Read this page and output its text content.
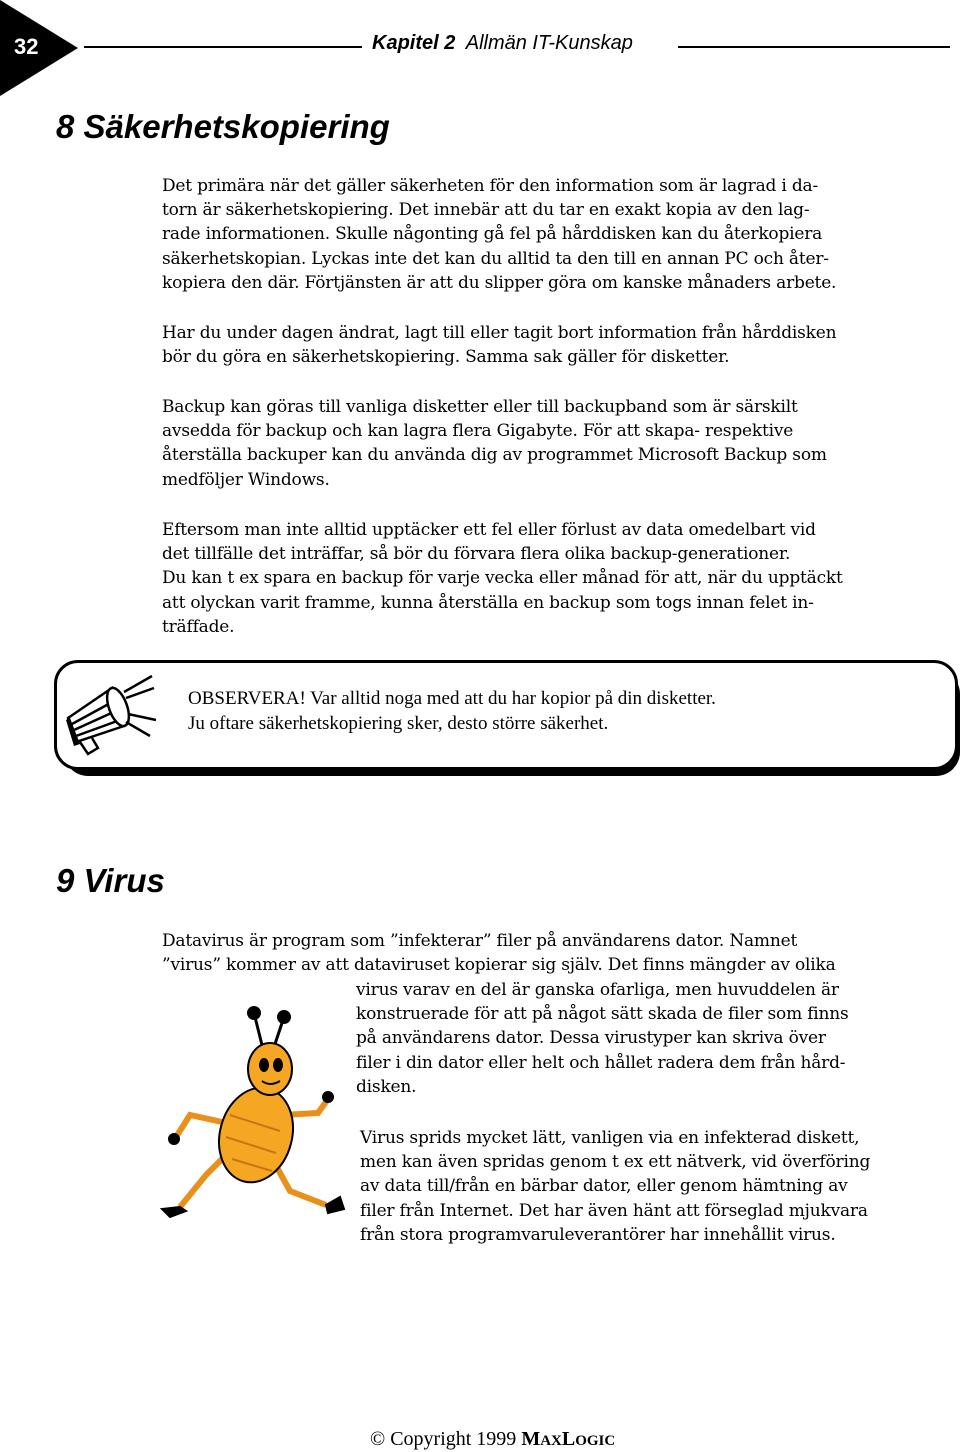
32	Kapitel 2 Allmän IT-Kunskap
8 Säkerhetskopiering
Det primära när det gäller säkerheten för den information som är lagrad i da-
torn är säkerhetskopiering. Det innebär att du tar en exakt kopia av den lag-
rade informationen. Skulle någonting gå fel på hårddisken kan du återkopiera
säkerhetskopian. Lyckas inte det kan du alltid ta den till en annan PC och åter-
kopiera den där. Förtjänsten är att du slipper göra om kanske månaders arbete.
Har du under dagen ändrat, lagt till eller tagit bort information från hårddisken
bör du göra en säkerhetskopiering. Samma sak gäller för disketter.
Backup kan göras till vanliga disketter eller till backupband som är särskilt
avsedda för backup och kan lagra flera Gigabyte. För att skapa- respektive
återställa backuper kan du använda dig av programmet Microsoft Backup som
medföljer Windows.
Eftersom man inte alltid upptäcker ett fel eller förlust av data omedelbart vid
det tillfälle det inträffar, så bör du förvara flera olika backup-generationer.
Du kan t ex spara en backup för varje vecka eller månad för att, när du upptäckt
att olyckan varit framme, kunna återställa en backup som togs innan felet in-
träffade.
OBSERVERA! Var alltid noga med att du har kopior på din disketter.
Ju oftare säkerhetskopiering sker, desto större säkerhet.
9 Virus
Datavirus är program som ”infekterar” filer på användarens dator. Namnet
”virus” kommer av att dataviruset kopierar sig själv. Det finns mängder av olika
virus varav en del är ganska ofarliga, men huvuddelen är
konstruerade för att på något sätt skada de filer som finns
på användarens dator. Dessa virustyper kan skriva över
filer i din dator eller helt och hållet radera dem från hård-
disken.
Virus sprids mycket lätt, vanligen via en infekterad diskett,
men kan även spridas genom t ex ett nätverk, vid överföring
av data till/från en bärbar dator, eller genom hämtning av
filer från Internet. Det har även hänt att förseglad mjukvara
från stora programvaruleverantörer har innehållit virus.
© Copyright 1999 MAXLOGIC
